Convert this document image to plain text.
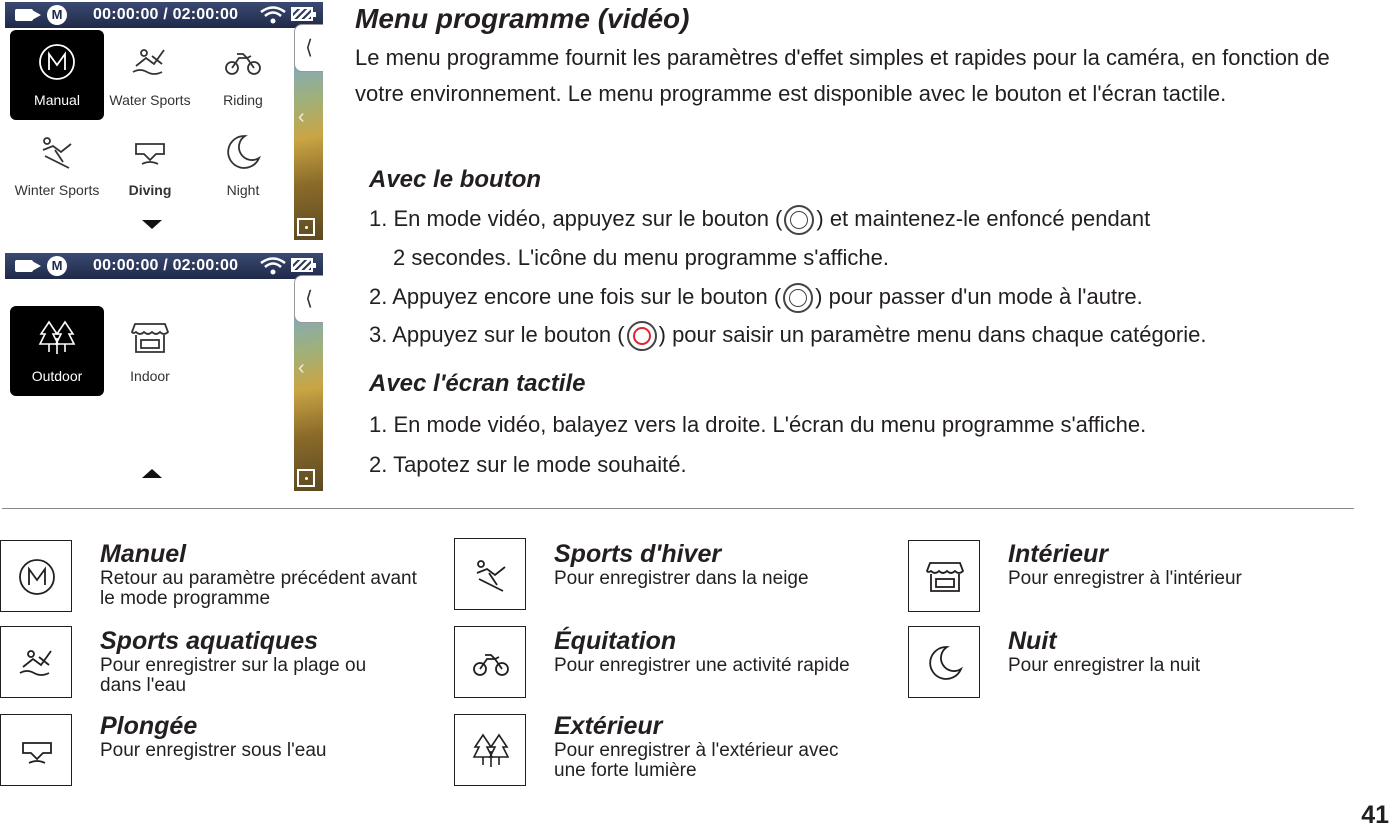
M 00:00:00 / 02:00:00
Manual	Water Sports	Riding
Winter Sports	Diving	Night
‹
⟨
M 00:00:00 / 02:00:00
Outdoor	Indoor	‹
⟨
Menu programme (vidéo)
Le menu programme fournit les paramètres d'effet simples et rapides pour la caméra, en fonction de votre environnement. Le menu programme est disponible avec le bouton et l'écran tactile.
Avec le bouton
1. En mode vidéo, appuyez sur le bouton ( ) et maintenez-le enfoncé pendant
2 secondes. L'icône du menu programme s'affiche.
2. Appuyez encore une fois sur le bouton ( ) pour passer d'un mode à l'autre.
3. Appuyez sur le bouton ( ) pour saisir un paramètre menu dans chaque catégorie.
Avec l'écran tactile
1. En mode vidéo, balayez vers la droite. L'écran du menu programme s'affiche.
2. Tapotez sur le mode souhaité.
Manuel
Retour au paramètre précédent avant le mode programme
Sports aquatiques
Pour enregistrer sur la plage ou dans l'eau
Plongée
Pour enregistrer sous l'eau
Sports d'hiver
Pour enregistrer dans la neige
Équitation
Pour enregistrer une activité rapide
Extérieur
Pour enregistrer à l'extérieur avec une forte lumière
Intérieur
Pour enregistrer à l'intérieur
Nuit
Pour enregistrer la nuit
41
